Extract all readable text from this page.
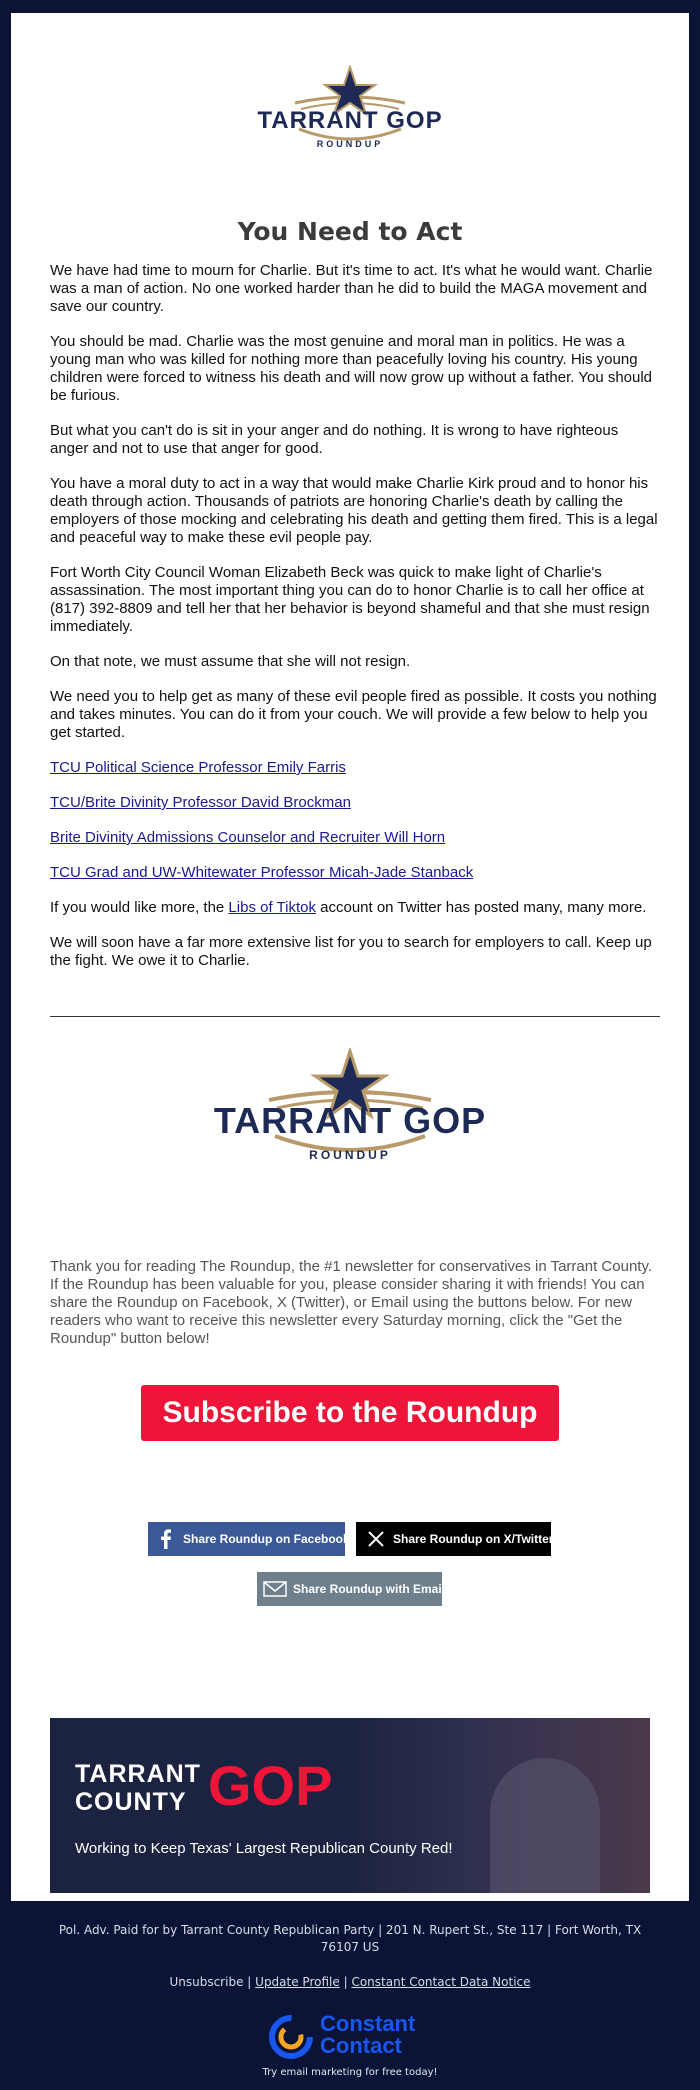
TARRANT GOP
ROUNDUP
You Need to Act

We have had time to mourn for Charlie. But it's time to act. It's what he would want. Charlie was a man of action. No one worked harder than he did to build the MAGA movement and save our country.

You should be mad. Charlie was the most genuine and moral man in politics. He was a young man who was killed for nothing more than peacefully loving his country. His young children were forced to witness his death and will now grow up without a father. You should be furious.

But what you can't do is sit in your anger and do nothing. It is wrong to have righteous anger and not to use that anger for good.

You have a moral duty to act in a way that would make Charlie Kirk proud and to honor his death through action. Thousands of patriots are honoring Charlie's death by calling the employers of those mocking and celebrating his death and getting them fired. This is a legal and peaceful way to make these evil people pay.

Fort Worth City Council Woman Elizabeth Beck was quick to make light of Charlie's assassination. The most important thing you can do to honor Charlie is to call her office at (817) 392-8809 and tell her that her behavior is beyond shameful and that she must resign immediately.

On that note, we must assume that she will not resign.

We need you to help get as many of these evil people fired as possible. It costs you nothing and takes minutes. You can do it from your couch. We will provide a few below to help you get started.

TCU Political Science Professor Emily Farris

TCU/Brite Divinity Professor David Brockman

Brite Divinity Admissions Counselor and Recruiter Will Horn

TCU Grad and UW-Whitewater Professor Micah-Jade Stanback

If you would like more, the Libs of Tiktok account on Twitter has posted many, many more.

We will soon have a far more extensive list for you to search for employers to call. Keep up the fight. We owe it to Charlie.

TARRANT GOP
ROUNDUP

Thank you for reading The Roundup, the #1 newsletter for conservatives in Tarrant County. If the Roundup has been valuable for you, please consider sharing it with friends! You can share the Roundup on Facebook, X (Twitter), or Email using the buttons below. For new readers who want to receive this newsletter every Saturday morning, click the "Get the Roundup" button below!

Subscribe to the Roundup
Share Roundup on Facebook	Share Roundup on X/Twitter
Share Roundup with Email
TARRANT
COUNTY GOP
Working to Keep Texas' Largest Republican County Red!
Pol. Adv. Paid for by Tarrant County Republican Party | 201 N. Rupert St., Ste 117 | Fort Worth, TX 76107 US
Unsubscribe | Update Profile | Constant Contact Data Notice
Constant
Contact
Try email marketing for free today!
